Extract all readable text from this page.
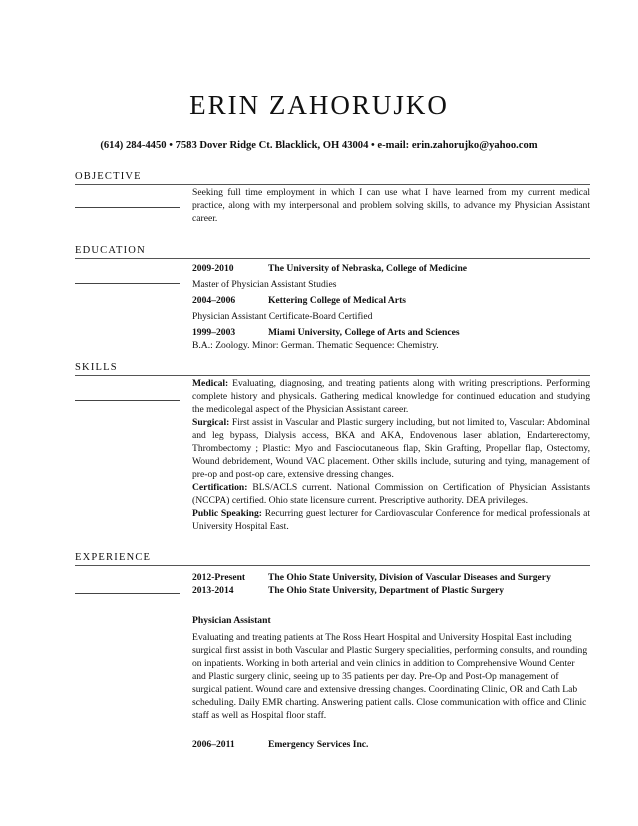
ERIN ZAHORUJKO

(614) 284-4450 • 7583 Dover Ridge Ct. Blacklick, OH 43004 • e-mail: erin.zahorujko@yahoo.com

OBJECTIVE

Seeking full time employment in which I can use what I have learned from my current medical practice, along with my interpersonal and problem solving skills, to advance my Physician Assistant career.

EDUCATION
2009-2010	The University of Nebraska, College of Medicine

Master of Physician Assistant Studies

2004–2006	Kettering College of Medical Arts

Physician Assistant Certificate-Board Certified

1999–2003	Miami University, College of Arts and Sciences

B.A.: Zoology. Minor: German. Thematic Sequence: Chemistry.

SKILLS

Medical: Evaluating, diagnosing, and treating patients along with writing prescriptions. Performing complete history and physicals. Gathering medical knowledge for continued education and studying the medicolegal aspect of the Physician Assistant career.

Surgical: First assist in Vascular and Plastic surgery including, but not limited to, Vascular: Abdominal and leg bypass, Dialysis access, BKA and AKA, Endovenous laser ablation, Endarterectomy, Thrombectomy ; Plastic: Myo and Fasciocutaneous flap, Skin Grafting, Propellar flap, Ostectomy, Wound debridement, Wound VAC placement. Other skills include, suturing and tying, management of pre-op and post-op care, extensive dressing changes.

Certification: BLS/ACLS current. National Commission on Certification of Physician Assistants (NCCPA) certified. Ohio state licensure current. Prescriptive authority. DEA privileges.

Public Speaking: Recurring guest lecturer for Cardiovascular Conference for medical professionals at University Hospital East.

EXPERIENCE
2012-Present	The Ohio State University, Division of Vascular Diseases and Surgery
2013-2014	The Ohio State University, Department of Plastic Surgery

Physician Assistant

Evaluating and treating patients at The Ross Heart Hospital and University Hospital East including surgical first assist in both Vascular and Plastic Surgery specialities, performing consults, and rounding on inpatients. Working in both arterial and vein clinics in addition to Comprehensive Wound Center and Plastic surgery clinic, seeing up to 35 patients per day. Pre-Op and Post-Op management of surgical patient. Wound care and extensive dressing changes. Coordinating Clinic, OR and Cath Lab scheduling. Daily EMR charting. Answering patient calls. Close communication with office and Clinic staff as well as Hospital floor staff.

2006–2011	Emergency Services Inc.
